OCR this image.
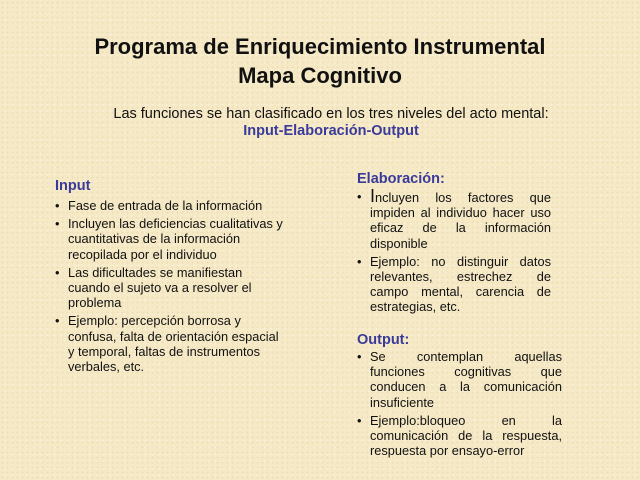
Programa de Enriquecimiento Instrumental
Mapa Cognitivo
Las funciones se han clasificado en los tres niveles del acto mental:
Input-Elaboración-Output
Input
• Fase de entrada de la información
• Incluyen las deficiencias cualitativas y cuantitativas de la información recopilada por el individuo
• Las dificultades se manifiestan cuando el sujeto va a resolver el problema
• Ejemplo: percepción borrosa y confusa, falta de orientación espacial y temporal, faltas de instrumentos verbales, etc.
Elaboración:
• Incluyen los factores que impiden al individuo hacer uso eficaz de la información disponible
• Ejemplo: no distinguir datos relevantes, estrechez de campo mental, carencia de estrategias, etc.
Output:
• Se contemplan aquellas funciones cognitivas que conducen a la comunicación insuficiente
• Ejemplo:bloqueo en la comunicación de la respuesta, respuesta por ensayo-error
